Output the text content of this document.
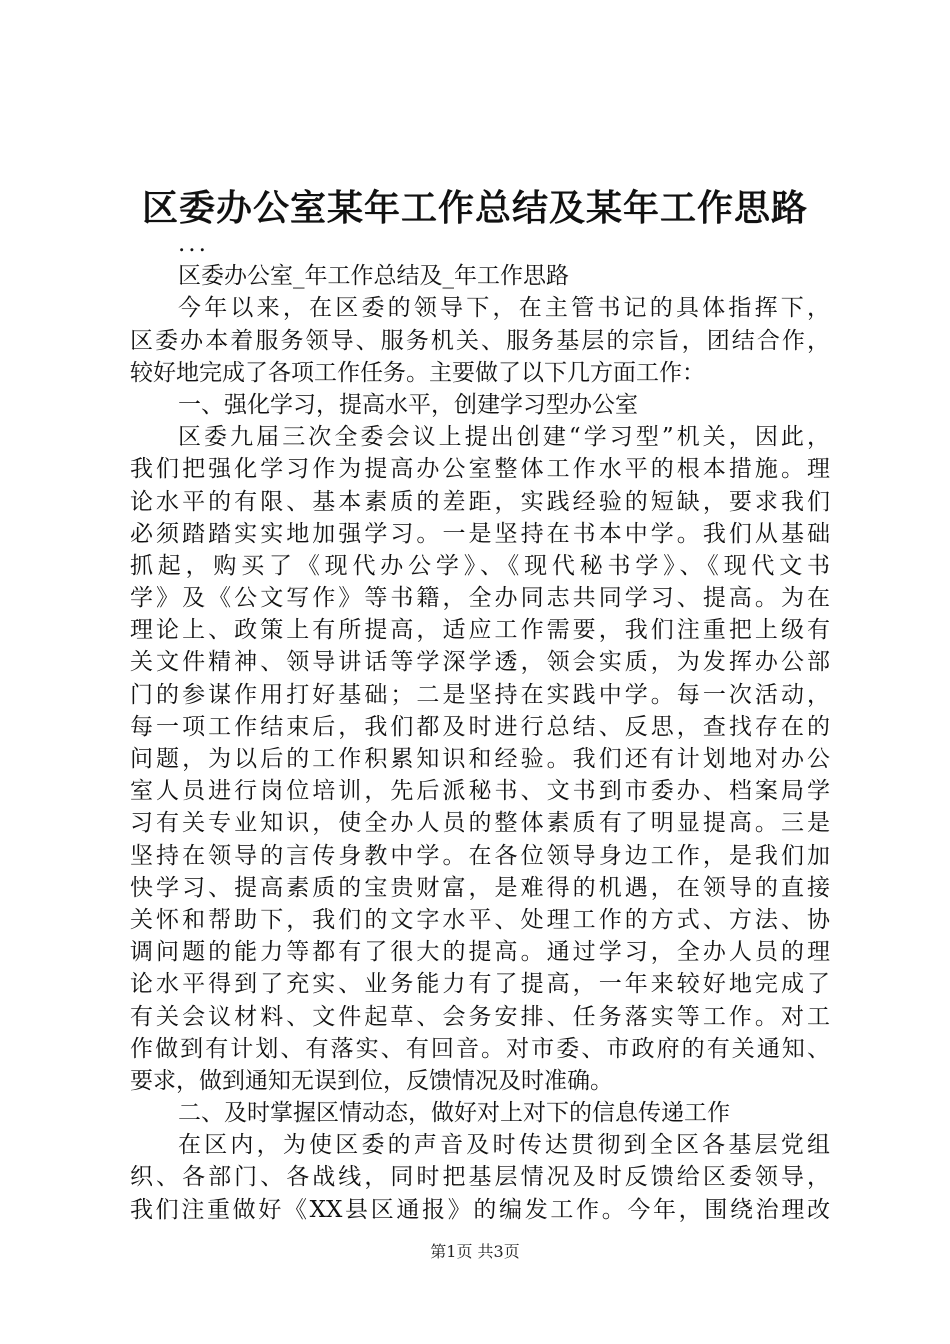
区委办公室某年工作总结及某年工作思路
...
区委办公室_年工作总结及_年工作思路
今年以来，在区委的领导下，在主管书记的具体指挥下，
区委办本着服务领导、服务机关、服务基层的宗旨，团结合作，
较好地完成了各项工作任务。主要做了以下几方面工作：
一、强化学习，提高水平，创建学习型办公室
区委九届三次全委会议上提出创建“学习型”机关，因此，
我们把强化学习作为提高办公室整体工作水平的根本措施。理
论水平的有限、基本素质的差距，实践经验的短缺，要求我们
必须踏踏实实地加强学习。一是坚持在书本中学。我们从基础
抓起，购买了《现代办公学》、《现代秘书学》、《现代文书
学》及《公文写作》等书籍，全办同志共同学习、提高。为在
理论上、政策上有所提高，适应工作需要，我们注重把上级有
关文件精神、领导讲话等学深学透，领会实质，为发挥办公部
门的参谋作用打好基础；二是坚持在实践中学。每一次活动，
每一项工作结束后，我们都及时进行总结、反思，查找存在的
问题，为以后的工作积累知识和经验。我们还有计划地对办公
室人员进行岗位培训，先后派秘书、文书到市委办、档案局学
习有关专业知识，使全办人员的整体素质有了明显提高。三是
坚持在领导的言传身教中学。在各位领导身边工作，是我们加
快学习、提高素质的宝贵财富，是难得的机遇，在领导的直接
关怀和帮助下，我们的文字水平、处理工作的方式、方法、协
调问题的能力等都有了很大的提高。通过学习，全办人员的理
论水平得到了充实、业务能力有了提高，一年来较好地完成了
有关会议材料、文件起草、会务安排、任务落实等工作。对工
作做到有计划、有落实、有回音。对市委、市政府的有关通知、
要求，做到通知无误到位，反馈情况及时准确。
二、及时掌握区情动态，做好对上对下的信息传递工作
在区内，为使区委的声音及时传达贯彻到全区各基层党组
织、各部门、各战线，同时把基层情况及时反馈给区委领导，
我们注重做好《XX县区通报》的编发工作。今年，围绕治理改
第1页 共3页
